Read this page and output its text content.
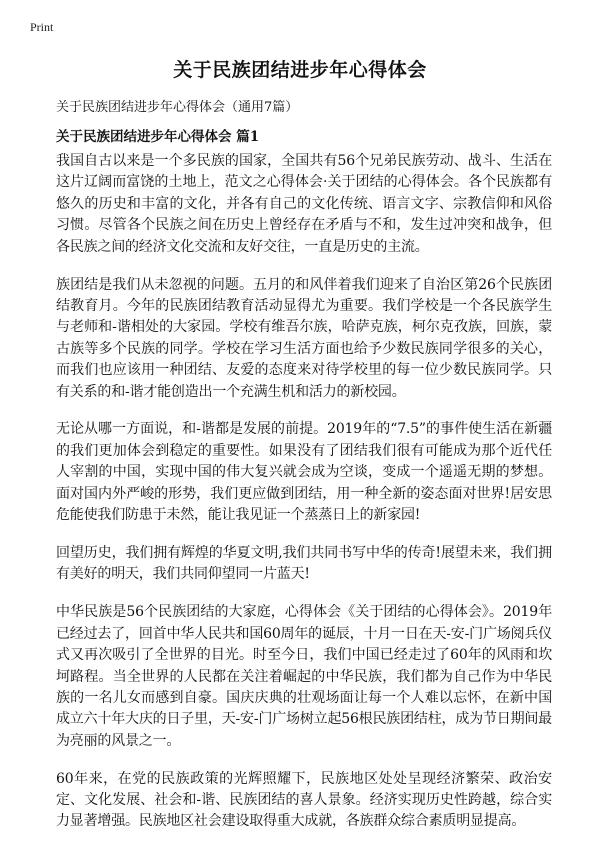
Print
关于民族团结进步年心得体会

关于民族团结进步年心得体会（通用7篇）

关于民族团结进步年心得体会 篇1

我国自古以来是一个多民族的国家，全国共有56个兄弟民族劳动、战斗、生活在这片辽阔而富饶的土地上，范文之心得体会·关于团结的心得体会。各个民族都有悠久的历史和丰富的文化，并各有自己的文化传统、语言文字、宗教信仰和风俗习惯。尽管各个民族之间在历史上曾经存在矛盾与不和，发生过冲突和战争，但各民族之间的经济文化交流和友好交往，一直是历史的主流。

族团结是我们从未忽视的问题。五月的和风伴着我们迎来了自治区第26个民族团结教育月。今年的民族团结教育活动显得尤为重要。我们学校是一个各民族学生与老师和-谐相处的大家园。学校有维吾尔族，哈萨克族，柯尔克孜族，回族，蒙古族等多个民族的同学。学校在学习生活方面也给予少数民族同学很多的关心，而我们也应该用一种团结、友爱的态度来对待学校里的每一位少数民族同学。只有关系的和-谐才能创造出一个充满生机和活力的新校园。

无论从哪一方面说，和-谐都是发展的前提。2019年的“7.5”的事件使生活在新疆的我们更加体会到稳定的重要性。如果没有了团结我们很有可能成为那个近代任人宰割的中国，实现中国的伟大复兴就会成为空谈，变成一个遥遥无期的梦想。面对国内外严峻的形势，我们更应做到团结，用一种全新的姿态面对世界!居安思危能使我们防患于未然，能让我见证一个蒸蒸日上的新家园!

回望历史，我们拥有辉煌的华夏文明,我们共同书写中华的传奇!展望未来，我们拥有美好的明天，我们共同仰望同一片蓝天!

中华民族是56个民族团结的大家庭，心得体会《关于团结的心得体会》。2019年已经过去了，回首中华人民共和国60周年的诞辰，十月一日在天-安-门广场阅兵仪式又再次吸引了全世界的目光。时至今日，我们中国已经走过了60年的风雨和坎坷路程。当全世界的人民都在关注着崛起的中华民族，我们都为自己作为中华民族的一名儿女而感到自豪。国庆庆典的壮观场面让每一个人难以忘怀，在新中国成立六十年大庆的日子里，天-安-门广场树立起56根民族团结柱，成为节日期间最为亮丽的风景之一。

60年来，在党的民族政策的光辉照耀下，民族地区处处呈现经济繁荣、政治安定、文化发展、社会和-谐、民族团结的喜人景象。经济实现历史性跨越，综合实力显著增强。民族地区社会建设取得重大成就，各族群众综合素质明显提高。
